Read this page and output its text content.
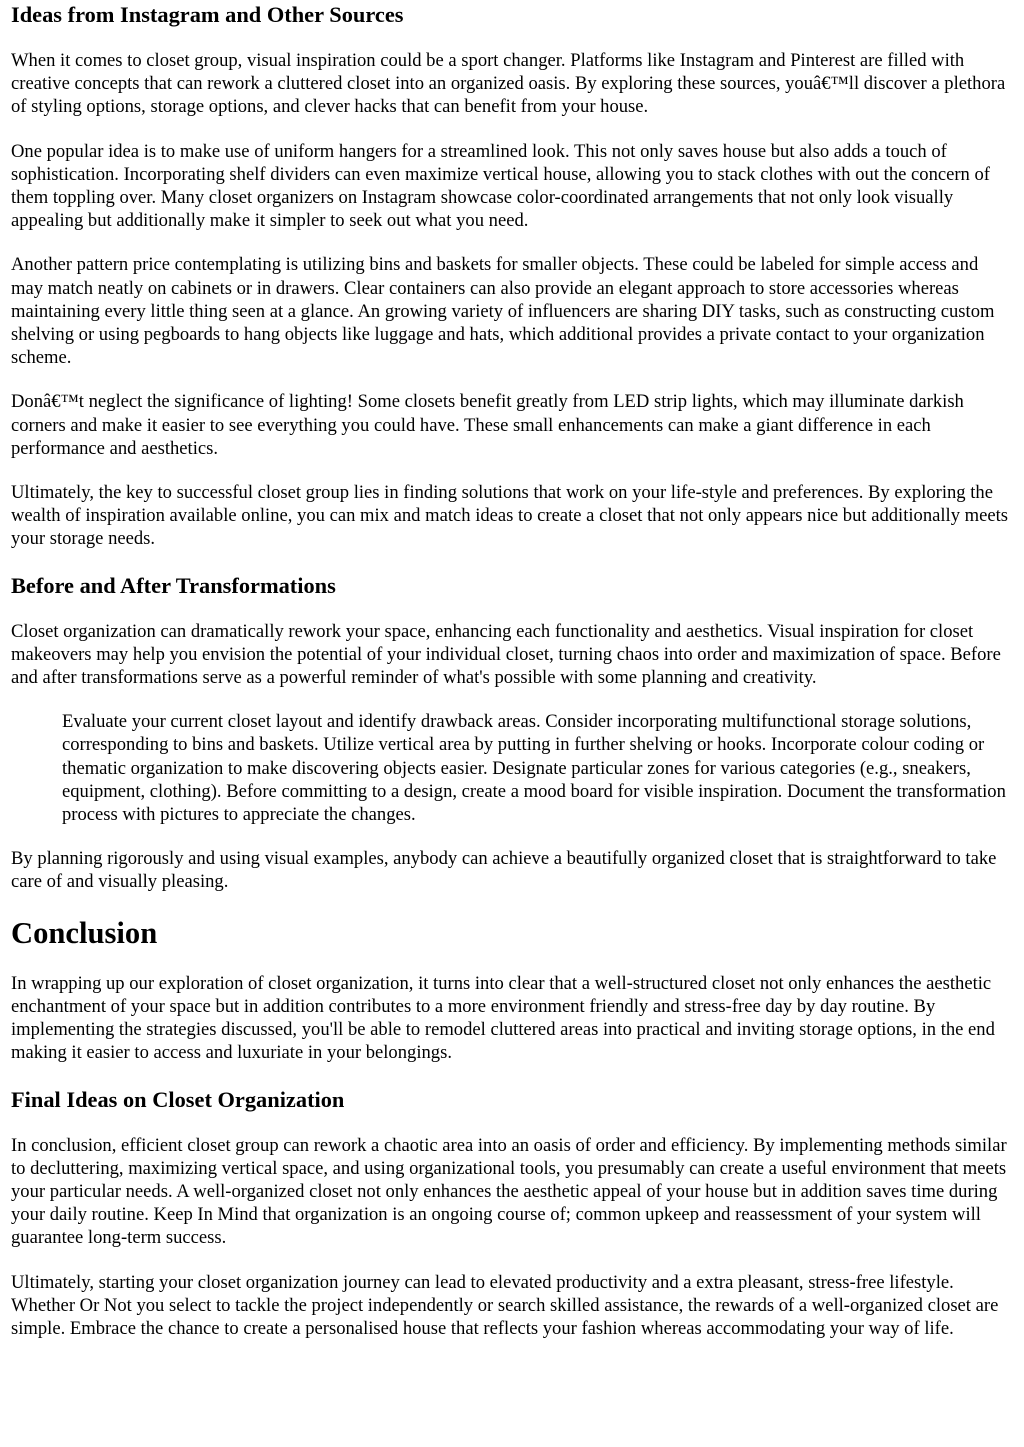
Ideas from Instagram and Other Sources

When it comes to closet group, visual inspiration could be a sport changer. Platforms like Instagram and Pinterest are filled with creative concepts that can rework a cluttered closet into an organized oasis. By exploring these sources, youâ€™ll discover a plethora of styling options, storage options, and clever hacks that can benefit from your house.

One popular idea is to make use of uniform hangers for a streamlined look. This not only saves house but also adds a touch of sophistication. Incorporating shelf dividers can even maximize vertical house, allowing you to stack clothes with out the concern of them toppling over. Many closet organizers on Instagram showcase color-coordinated arrangements that not only look visually appealing but additionally make it simpler to seek out what you need.

Another pattern price contemplating is utilizing bins and baskets for smaller objects. These could be labeled for simple access and may match neatly on cabinets or in drawers. Clear containers can also provide an elegant approach to store accessories whereas maintaining every little thing seen at a glance. An growing variety of influencers are sharing DIY tasks, such as constructing custom shelving or using pegboards to hang objects like luggage and hats, which additional provides a private contact to your organization scheme.

Donâ€™t neglect the significance of lighting! Some closets benefit greatly from LED strip lights, which may illuminate darkish corners and make it easier to see everything you could have. These small enhancements can make a giant difference in each performance and aesthetics.

Ultimately, the key to successful closet group lies in finding solutions that work on your life-style and preferences. By exploring the wealth of inspiration available online, you can mix and match ideas to create a closet that not only appears nice but additionally meets your storage needs.

Before and After Transformations

Closet organization can dramatically rework your space, enhancing each functionality and aesthetics. Visual inspiration for closet makeovers may help you envision the potential of your individual closet, turning chaos into order and maximization of space. Before and after transformations serve as a powerful reminder of what's possible with some planning and creativity.

Evaluate your current closet layout and identify drawback areas. Consider incorporating multifunctional storage solutions, corresponding to bins and baskets. Utilize vertical area by putting in further shelving or hooks. Incorporate colour coding or thematic organization to make discovering objects easier. Designate particular zones for various categories (e.g., sneakers, equipment, clothing). Before committing to a design, create a mood board for visible inspiration. Document the transformation process with pictures to appreciate the changes.

By planning rigorously and using visual examples, anybody can achieve a beautifully organized closet that is straightforward to take care of and visually pleasing.

Conclusion

In wrapping up our exploration of closet organization, it turns into clear that a well-structured closet not only enhances the aesthetic enchantment of your space but in addition contributes to a more environment friendly and stress-free day by day routine. By implementing the strategies discussed, you'll be able to remodel cluttered areas into practical and inviting storage options, in the end making it easier to access and luxuriate in your belongings.

Final Ideas on Closet Organization

In conclusion, efficient closet group can rework a chaotic area into an oasis of order and efficiency. By implementing methods similar to decluttering, maximizing vertical space, and using organizational tools, you presumably can create a useful environment that meets your particular needs. A well-organized closet not only enhances the aesthetic appeal of your house but in addition saves time during your daily routine. Keep In Mind that organization is an ongoing course of; common upkeep and reassessment of your system will guarantee long-term success.

Ultimately, starting your closet organization journey can lead to elevated productivity and a extra pleasant, stress-free lifestyle. Whether Or Not you select to tackle the project independently or search skilled assistance, the rewards of a well-organized closet are simple. Embrace the chance to create a personalised house that reflects your fashion whereas accommodating your way of life.
